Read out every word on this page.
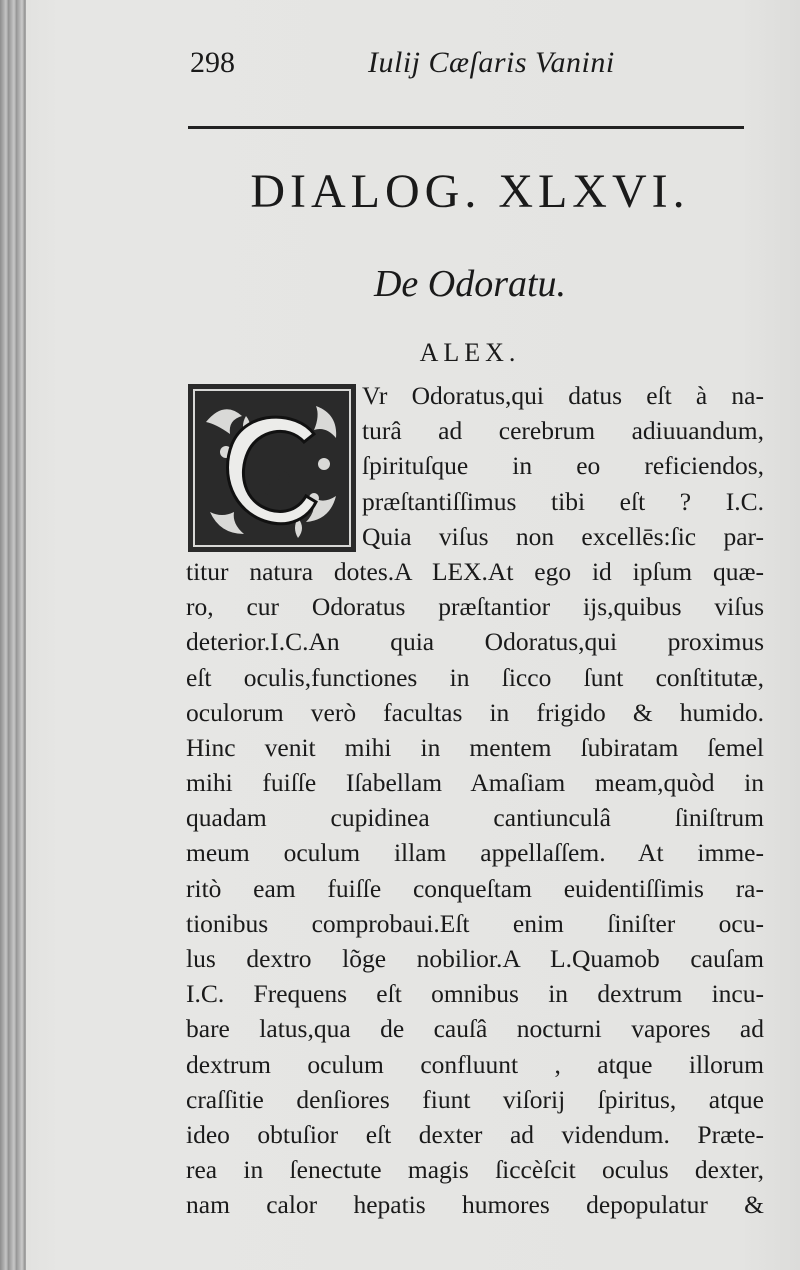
298	Iulij Cæſaris Vanini
DIALOG. XLXVI.
De Odoratu.
ALEX.
Vr Odoratus,qui datus eſt à na-
turâ ad cerebrum adiuuandum,
ſpirituſque in eo reficiendos,
præſtantiſſimus tibi eſt ? I.C.
Quia viſus non excellēs:ſic par-
titur natura dotes.A LEX.At ego id ipſum quæ-
ro, cur Odoratus præſtantior ijs,quibus viſus
deterior.I.C.An quia Odoratus,qui proximus
eſt oculis,functiones in ſicco ſunt conſtitutæ,
oculorum verò facultas in frigido & humido.
Hinc venit mihi in mentem ſubiratam ſemel
mihi fuiſſe Iſabellam Amaſiam meam,quòd in
quadam cupidinea cantiunculâ ſiniſtrum
meum oculum illam appellaſſem. At imme-
ritò eam fuiſſe conqueſtam euidentiſſimis ra-
tionibus comprobaui.Eſt enim ſiniſter ocu-
lus dextro lõge nobilior.A L.Quamob cauſam
I.C. Frequens eſt omnibus in dextrum incu-
bare latus,qua de cauſâ nocturni vapores ad
dextrum oculum confluunt , atque illorum
craſſitie denſiores fiunt viſorij ſpiritus, atque
ideo obtuſior eſt dexter ad videndum. Præte-
rea in ſenectute magis ſiccèſcit oculus dexter,
nam calor hepatis humores depopulatur &
